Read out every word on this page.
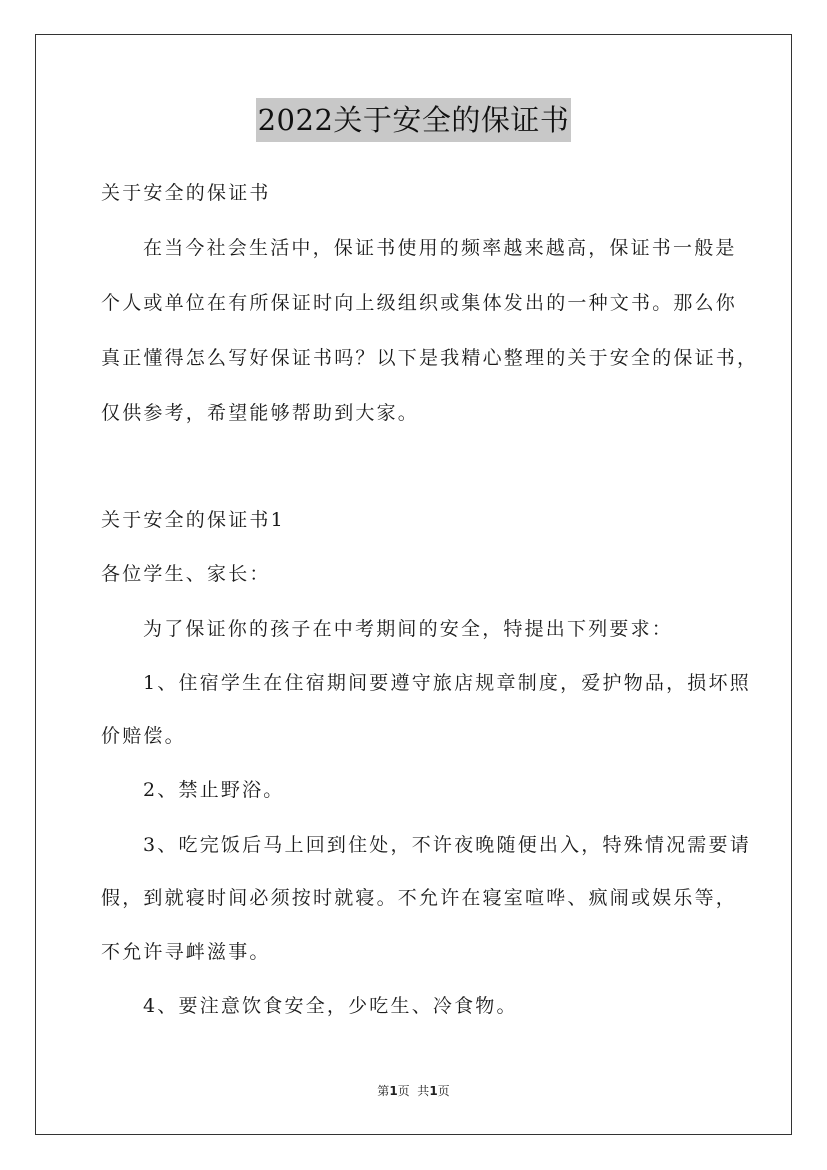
2022关于安全的保证书
关于安全的保证书
在当今社会生活中，保证书使用的频率越来越高，保证书一般是
个人或单位在有所保证时向上级组织或集体发出的一种文书。那么你
真正懂得怎么写好保证书吗？以下是我精心整理的关于安全的保证书，
仅供参考，希望能够帮助到大家。
关于安全的保证书1
各位学生、家长：
为了保证你的孩子在中考期间的安全，特提出下列要求：
1、住宿学生在住宿期间要遵守旅店规章制度，爱护物品，损坏照
价赔偿。
2、禁止野浴。
3、吃完饭后马上回到住处，不许夜晚随便出入，特殊情况需要请
假，到就寝时间必须按时就寝。不允许在寝室喧哗、疯闹或娱乐等，
不允许寻衅滋事。
4、要注意饮食安全，少吃生、冷食物。
第1页  共1页
